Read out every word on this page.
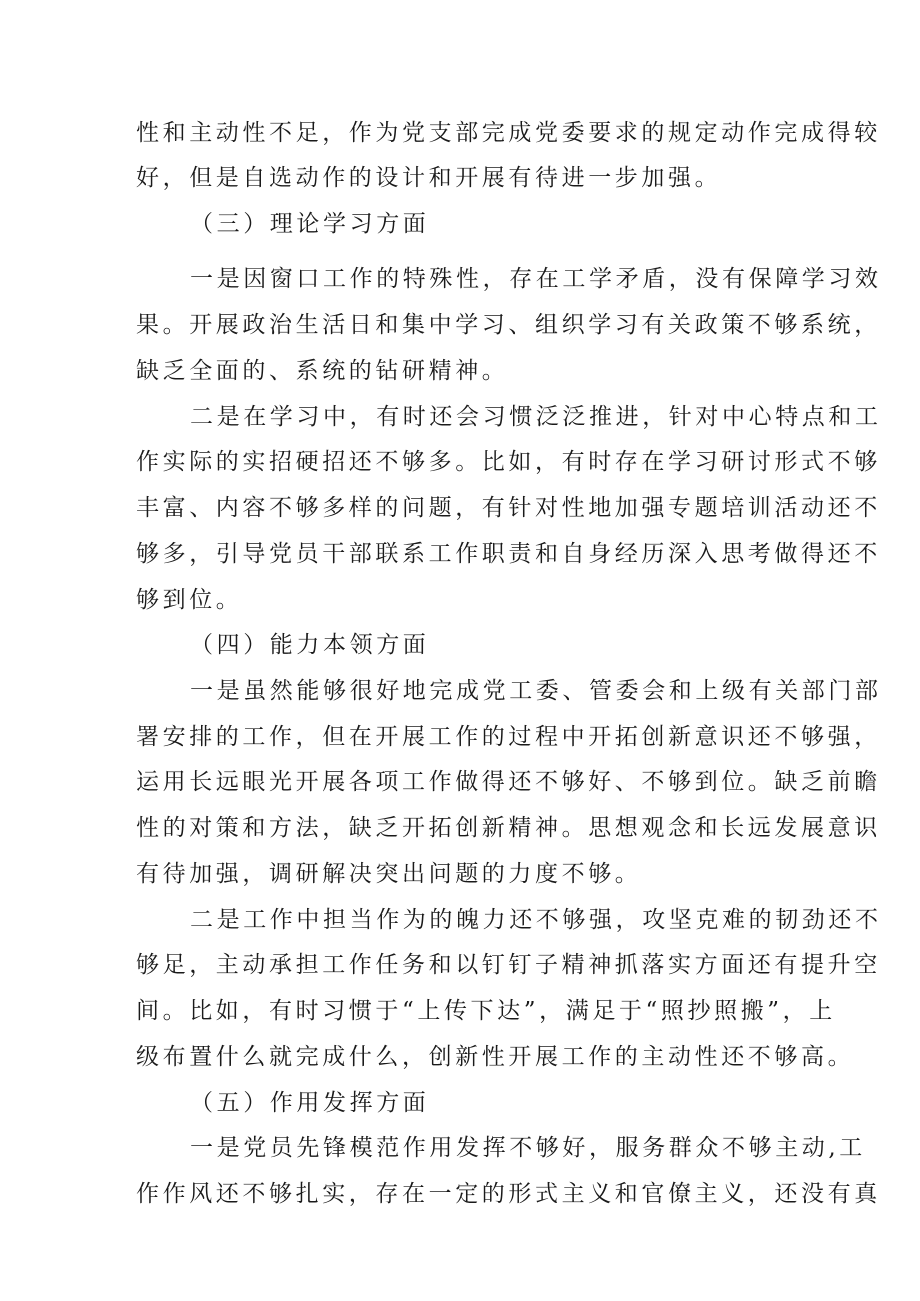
性和主动性不足，作为党支部完成党委要求的规定动作完成得较
好，但是自选动作的设计和开展有待进一步加强。
（三）理论学习方面
一是因窗口工作的特殊性，存在工学矛盾，没有保障学习效
果。开展政治生活日和集中学习、组织学习有关政策不够系统，
缺乏全面的、系统的钻研精神。
二是在学习中，有时还会习惯泛泛推进，针对中心特点和工
作实际的实招硬招还不够多。比如，有时存在学习研讨形式不够
丰富、内容不够多样的问题，有针对性地加强专题培训活动还不
够多，引导党员干部联系工作职责和自身经历深入思考做得还不
够到位。
（四）能力本领方面
一是虽然能够很好地完成党工委、管委会和上级有关部门部
署安排的工作，但在开展工作的过程中开拓创新意识还不够强，
运用长远眼光开展各项工作做得还不够好、不够到位。缺乏前瞻
性的对策和方法，缺乏开拓创新精神。思想观念和长远发展意识
有待加强，调研解决突出问题的力度不够。
二是工作中担当作为的魄力还不够强，攻坚克难的韧劲还不
够足，主动承担工作任务和以钉钉子精神抓落实方面还有提升空
间。比如，有时习惯于“上传下达”，满足于“照抄照搬”，上
级布置什么就完成什么，创新性开展工作的主动性还不够高。
（五）作用发挥方面
一是党员先锋模范作用发挥不够好，服务群众不够主动,工
作作风还不够扎实，存在一定的形式主义和官僚主义，还没有真
